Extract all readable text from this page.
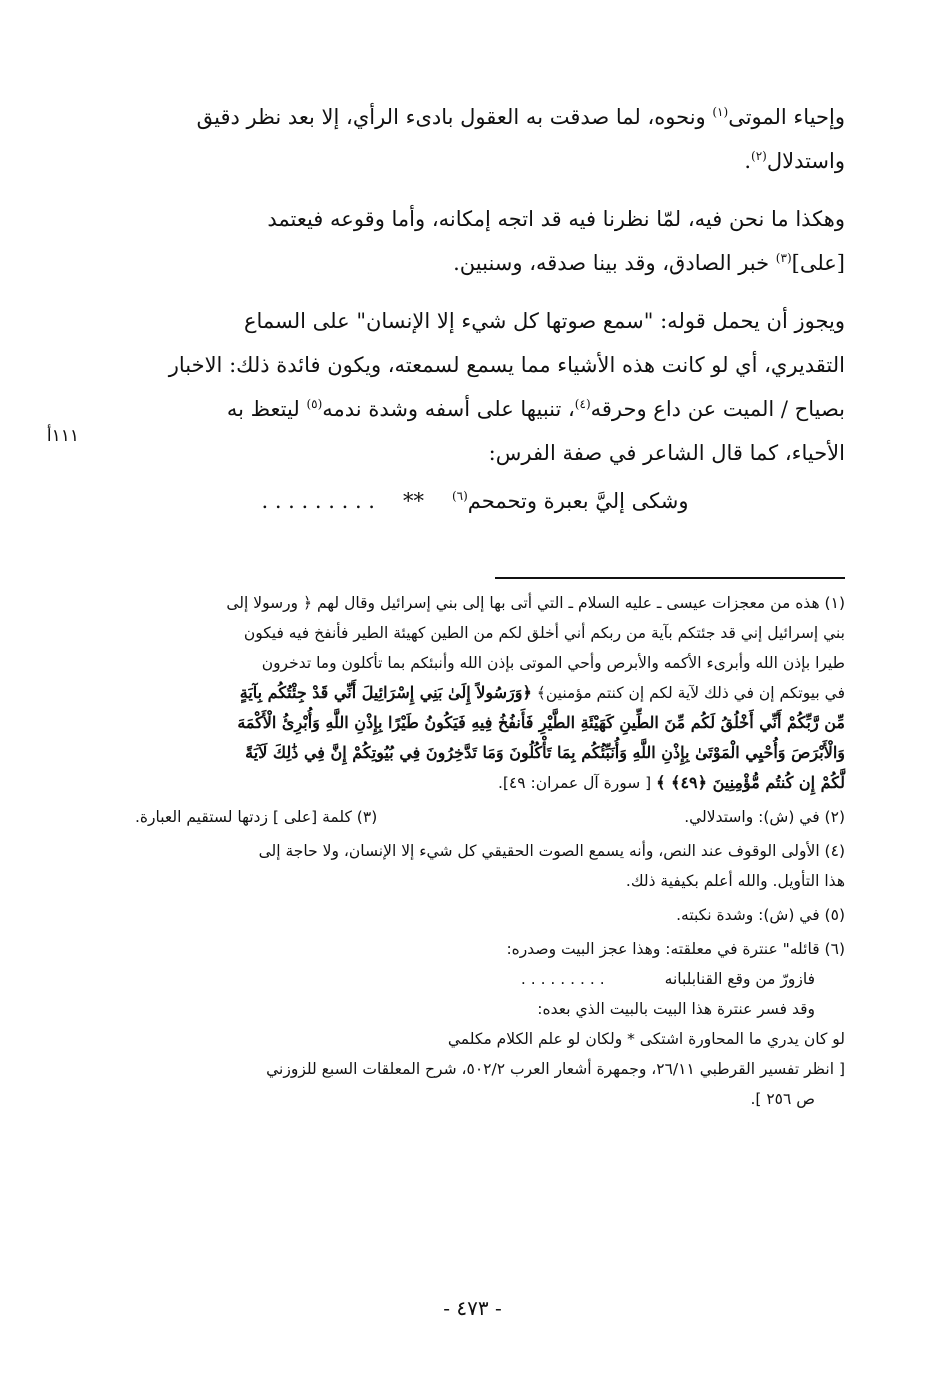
وإحياء الموتى$^{(١)}$ ونحوه، لما صدقت به العقول بادىء الرأي، إلا بعد نظر دقيق
واستدلال$^{(٢)}$.

وهكذا ما نحن فيه، لمّا نظرنا فيه قد اتجه إمكانه، وأما وقوعه فيعتمد
[على]$^{(٣)}$ خبر الصادق، وقد بينا صدقه، وسنبين.

ويجوز أن يحمل قوله: "سمع صوتها كل شيء إلا الإنسان" على السماع
التقديري، أي لو كانت هذه الأشياء مما يسمع لسمعته، ويكون فائدة ذلك: الاخبار
بصياح / الميت عن داع وحرقه$^{(٤)}$، تنبيها على أسفه وشدة ندمه$^{(٥)}$ ليتعظ به
الأحياء، كما قال الشاعر في صفة الفرس:

وشكى إليَّ بعبرة وتحمحم$^{(٦)}$
**
. . . . . . . . .
١١١أ
(١) هذه من معجزات عيسى ـ عليه السلام ـ التي أتى بها إلى بني إسرائيل وقال لهم ﴿ ورسولا إلى
بني إسرائيل إني قد جئتكم بآية من ربكم أني أخلق لكم من الطين كهيئة الطير فأنفخ فيه فيكون
طيرا بإذن الله وأبرىء الأكمه والأبرص وأحي الموتى بإذن الله وأنبئكم بما تأكلون وما تدخرون
في بيوتكم إن في ذلك لآية لكم إن كنتم مؤمنين﴾ ﴿وَرَسُولاً إِلَىٰ بَنِي إِسْرَائِيلَ أَنِّي قَدْ جِئْتُكُم بِآيَةٍ
مِّن رَّبِّكُمْ أَنِّي أَخْلُقُ لَكُم مِّنَ الطِّينِ كَهَيْئَةِ الطَّيْرِ فَأَنفُخُ فِيهِ فَيَكُونُ طَيْرًا بِإِذْنِ اللَّهِ وَأُبْرِئُ الْأَكْمَهَ
وَالْأَبْرَصَ وَأُحْيِي الْمَوْتَىٰ بِإِذْنِ اللَّهِ وَأُنَبِّئُكُم بِمَا تَأْكُلُونَ وَمَا تَدَّخِرُونَ فِي بُيُوتِكُمْ إِنَّ فِي ذَٰلِكَ لَآيَةً
لَّكُمْ إِن كُنتُم مُّؤْمِنِينَ ﴿٤٩﴾ ﴾ [ سورة آل عمران: ٤٩].
(٢) في (ش): واستدلالي.
(٣) كلمة [على ] زدتها لستقيم العبارة.
(٤) الأولى الوقوف عند النص، وأنه يسمع الصوت الحقيقي كل شيء إلا الإنسان، ولا حاجة إلى
هذا التأويل. والله أعلم بكيفية ذلك.
(٥) في (ش): وشدة نكبته.
(٦) قائله" عنترة في معلقته: وهذا عجز البيت وصدره:
فازورّ من وقع القنابلبانه
. . . . . . . . .
وقد فسر عنترة هذا البيت بالبيت الذي بعده:
لو كان يدري ما المحاورة اشتكى * ولكان لو علم الكلام مكلمي
[ انظر تفسير القرطبي ٢٦/١١، وجمهرة أشعار العرب ٥٠٢/٢، شرح المعلقات السبع للزوزني
ص ٢٥٦ ].
- ٤٧٣ -
